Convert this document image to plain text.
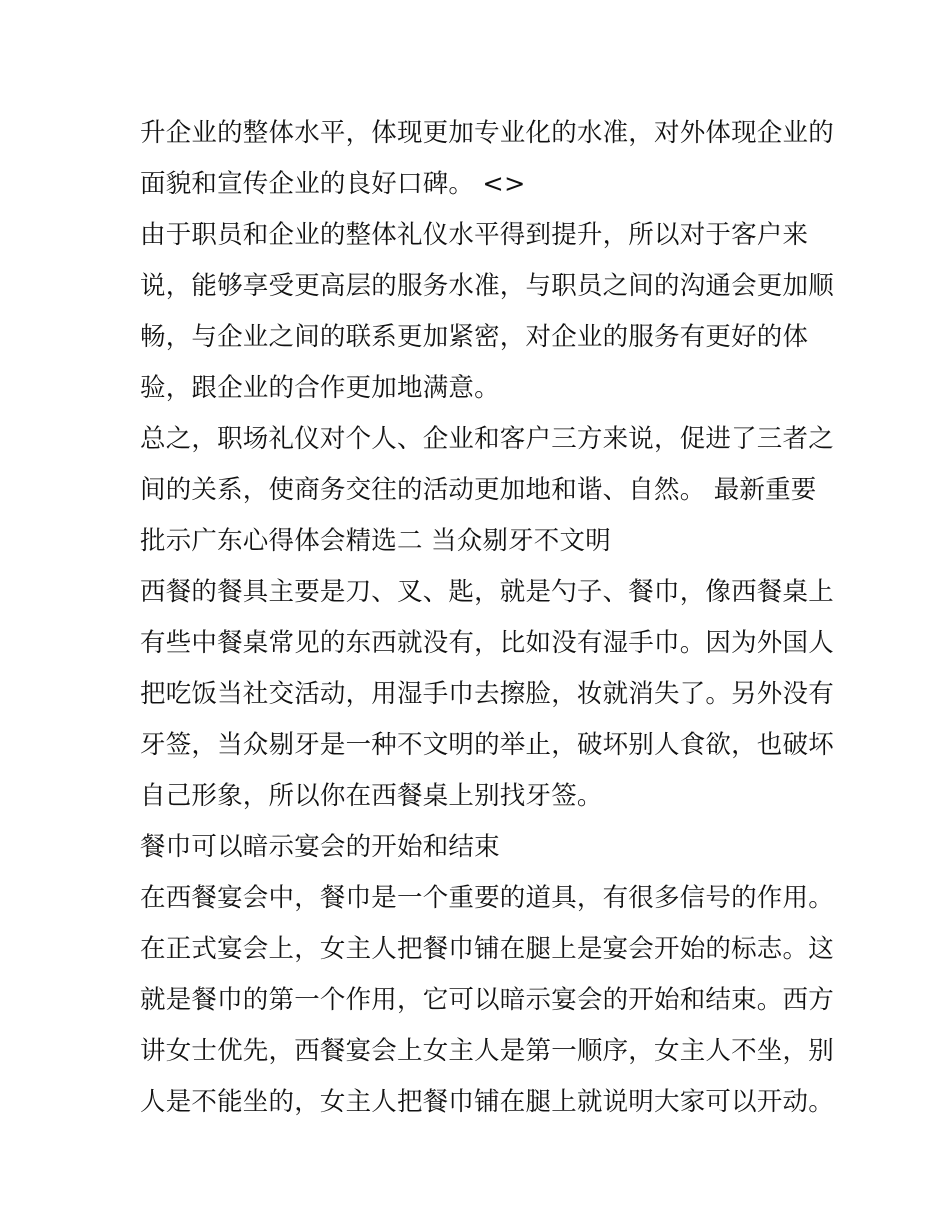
升企业的整体水平，体现更加专业化的水准，对外体现企业的
面貌和宣传企业的良好口碑。 <>
由于职员和企业的整体礼仪水平得到提升，所以对于客户来
说，能够享受更高层的服务水准，与职员之间的沟通会更加顺
畅，与企业之间的联系更加紧密，对企业的服务有更好的体
验，跟企业的合作更加地满意。
总之，职场礼仪对个人、企业和客户三方来说，促进了三者之
间的关系，使商务交往的活动更加地和谐、自然。 最新重要
批示广东心得体会精选二 当众剔牙不文明
西餐的餐具主要是刀、叉、匙，就是勺子、餐巾，像西餐桌上
有些中餐桌常见的东西就没有，比如没有湿手巾。因为外国人
把吃饭当社交活动，用湿手巾去擦脸，妆就消失了。另外没有
牙签，当众剔牙是一种不文明的举止，破坏别人食欲，也破坏
自己形象，所以你在西餐桌上别找牙签。
餐巾可以暗示宴会的开始和结束
在西餐宴会中，餐巾是一个重要的道具，有很多信号的作用。
在正式宴会上，女主人把餐巾铺在腿上是宴会开始的标志。这
就是餐巾的第一个作用，它可以暗示宴会的开始和结束。西方
讲女士优先，西餐宴会上女主人是第一顺序，女主人不坐，别
人是不能坐的，女主人把餐巾铺在腿上就说明大家可以开动。
